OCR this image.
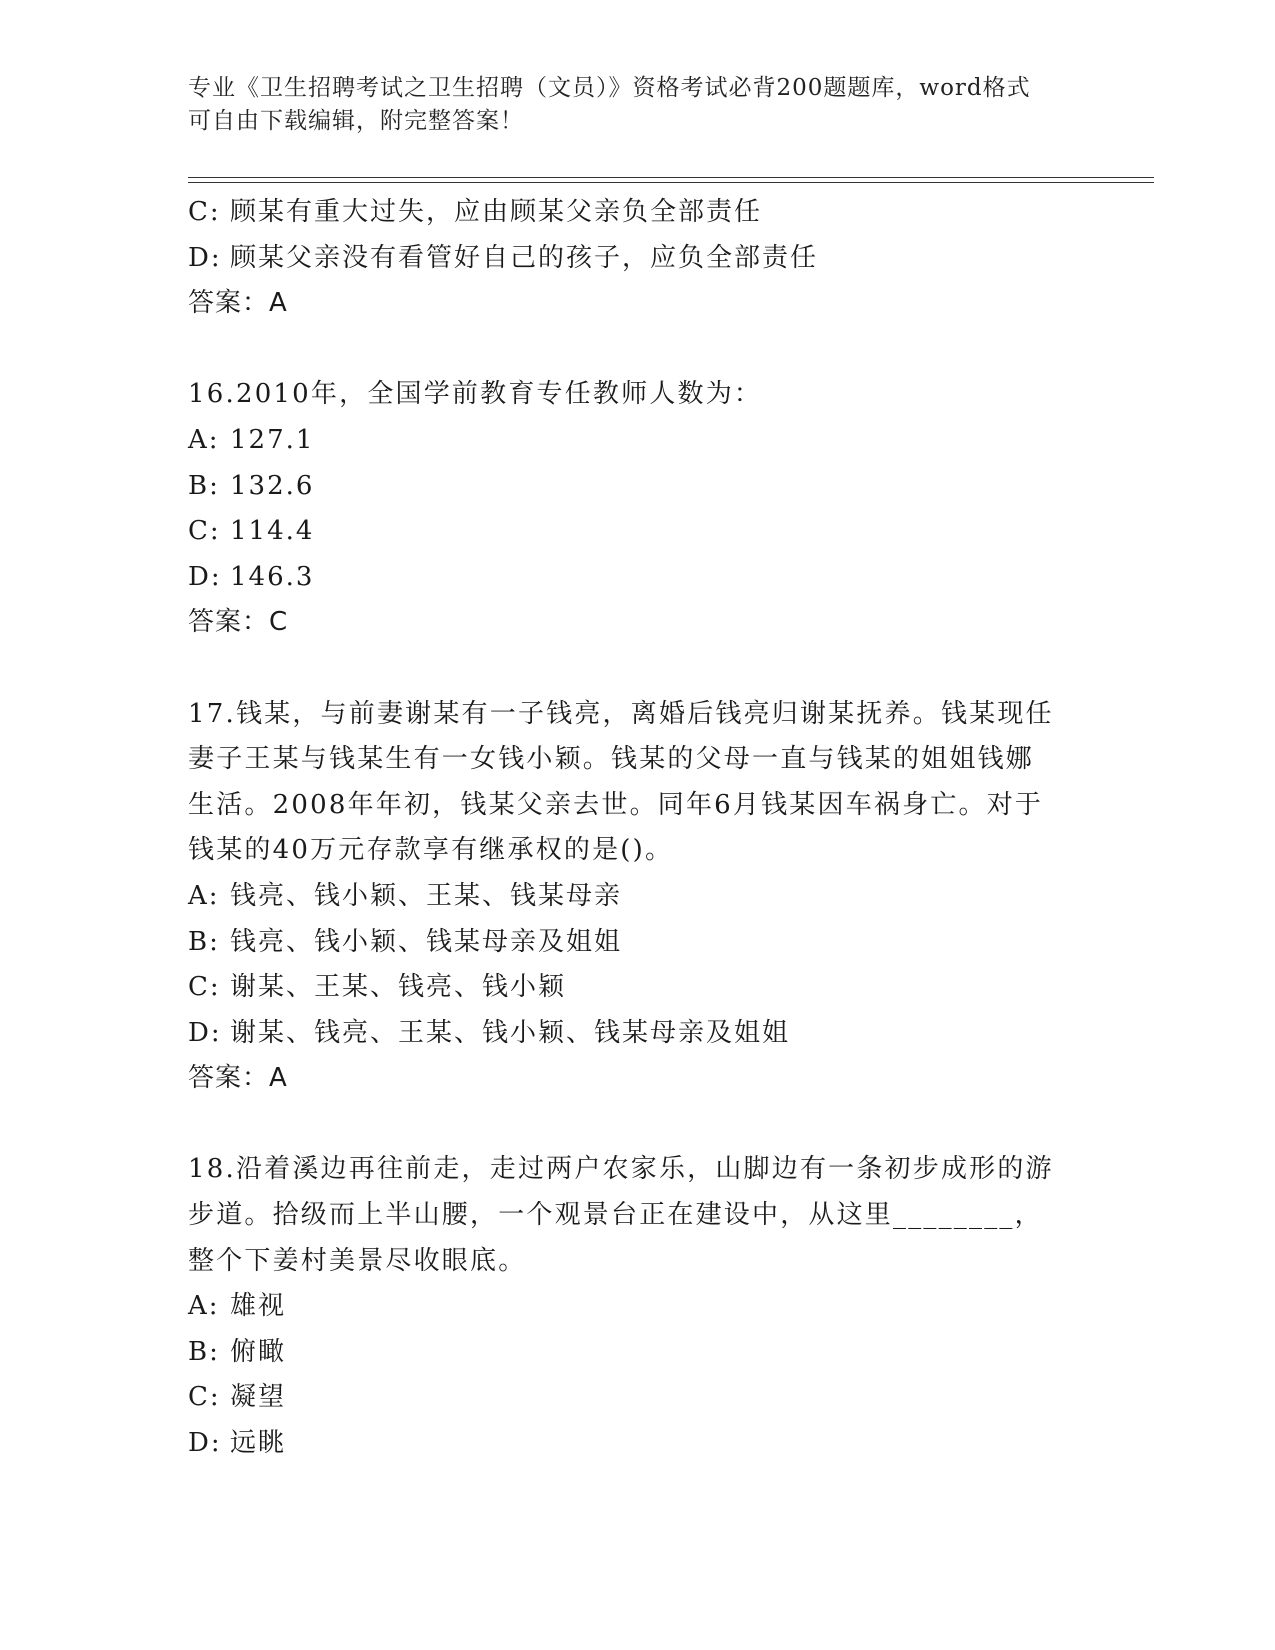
专业《卫生招聘考试之卫生招聘（文员）》资格考试必背200题题库，word格式
可自由下载编辑，附完整答案！
C: 顾某有重大过失，应由顾某父亲负全部责任
D: 顾某父亲没有看管好自己的孩子，应负全部责任
答案：A
16.2010年，全国学前教育专任教师人数为：
A: 127.1
B: 132.6
C: 114.4
D: 146.3
答案：C
17.钱某，与前妻谢某有一子钱亮，离婚后钱亮归谢某抚养。钱某现任
妻子王某与钱某生有一女钱小颖。钱某的父母一直与钱某的姐姐钱娜
生活。2008年年初，钱某父亲去世。同年6月钱某因车祸身亡。对于
钱某的40万元存款享有继承权的是()。
A: 钱亮、钱小颖、王某、钱某母亲
B: 钱亮、钱小颖、钱某母亲及姐姐
C: 谢某、王某、钱亮、钱小颖
D: 谢某、钱亮、王某、钱小颖、钱某母亲及姐姐
答案：A
18.沿着溪边再往前走，走过两户农家乐，山脚边有一条初步成形的游
步道。拾级而上半山腰，一个观景台正在建设中，从这里________，
整个下姜村美景尽收眼底。
A: 雄视
B: 俯瞰
C: 凝望
D: 远眺
